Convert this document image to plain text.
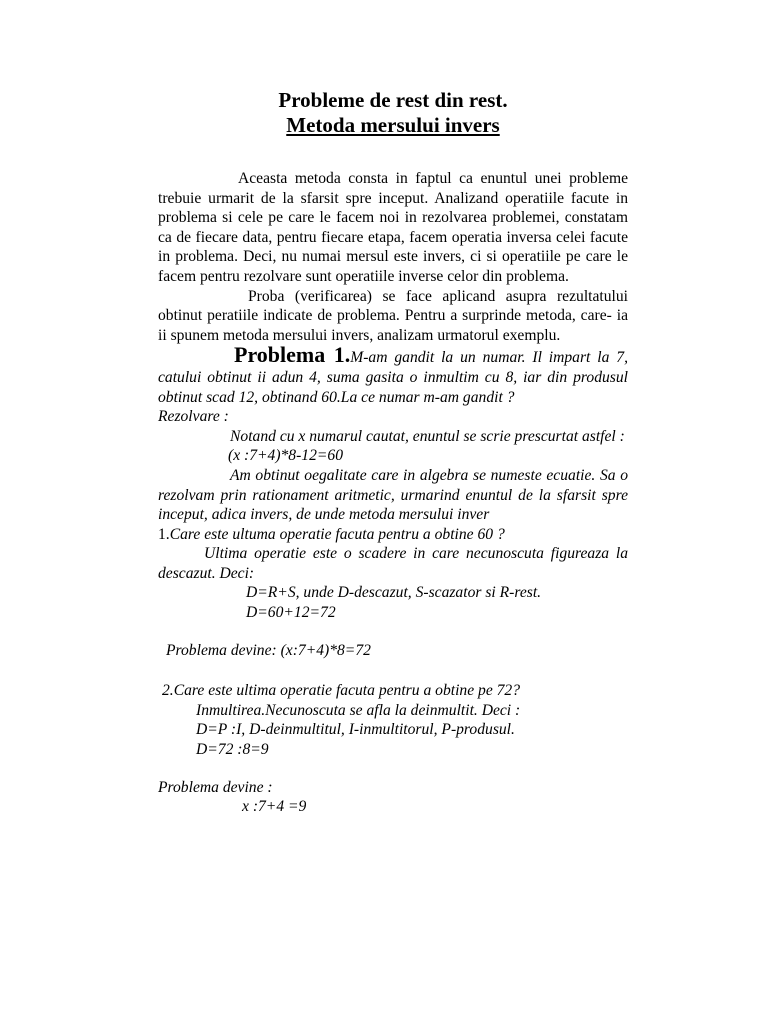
Probleme de rest din rest.

Metoda mersului invers

Aceasta metoda consta in faptul ca enuntul unei probleme trebuie urmarit de la sfarsit spre inceput. Analizand operatiile facute in problema si cele pe care le facem noi in rezolvarea problemei, constatam ca de fiecare data, pentru fiecare etapa, facem operatia inversa celei facute in problema. Deci, nu numai mersul este invers, ci si operatiile pe care le facem pentru rezolvare sunt operatiile inverse celor din problema.

Proba (verificarea) se face aplicand asupra rezultatului obtinut peratiile indicate de problema. Pentru a surprinde metoda, care- ia ii spunem metoda mersului invers, analizam urmatorul exemplu.

Problema 1.M-am gandit la un numar. Il impart la 7, catului obtinut ii adun 4, suma gasita o inmultim cu 8, iar din produsul obtinut scad 12, obtinand 60.La ce numar m-am gandit ?

Rezolvare :

Notand cu x numarul cautat, enuntul se scrie prescurtat astfel :

(x :7+4)*8-12=60

Am obtinut oegalitate care in algebra se numeste ecuatie. Sa o rezolvam prin rationament aritmetic, urmarind enuntul de la sfarsit spre inceput, adica invers, de unde metoda mersului inver

1.Care este ultuma operatie facuta pentru a obtine 60 ?

Ultima operatie este o scadere in care necunoscuta figureaza la descazut. Deci:

D=R+S, unde D-descazut, S-scazator si R-rest.

D=60+12=72

Problema devine: (x:7+4)*8=72

2.Care este ultima operatie facuta pentru a obtine pe 72?

Inmultirea.Necunoscuta se afla la deinmultit. Deci :

D=P :I, D-deinmultitul, I-inmultitorul, P-produsul.

D=72 :8=9

Problema devine :

x :7+4 =9
